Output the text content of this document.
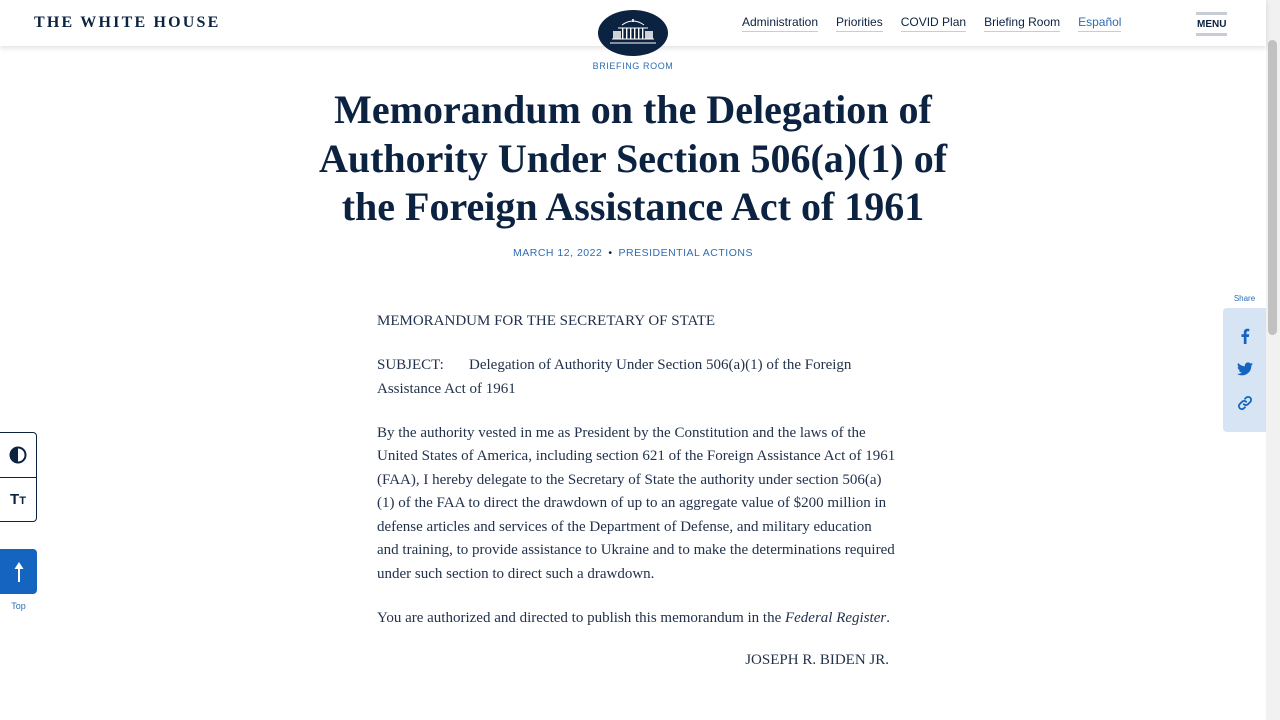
THE WHITE HOUSE	Administration Priorities COVID Plan Briefing Room Español	MENU
BRIEFING ROOM
Memorandum on the Delegation of Authority Under Section 506(a)(1) of the Foreign Assistance Act of 1961
MARCH 12, 2022 • PRESIDENTIAL ACTIONS

MEMORANDUM FOR THE SECRETARY OF STATE

SUBJECT: Delegation of Authority Under Section 506(a)(1) of the Foreign Assistance Act of 1961

By the authority vested in me as President by the Constitution and the laws of the United States of America, including section 621 of the Foreign Assistance Act of 1961 (FAA), I hereby delegate to the Secretary of State the authority under section 506(a)(1) of the FAA to direct the drawdown of up to an aggregate value of $200 million in defense articles and services of the Department of Defense, and military education and training, to provide assistance to Ukraine and to make the determinations required under such section to direct such a drawdown.

You are authorized and directed to publish this memorandum in the Federal Register.

JOSEPH R. BIDEN JR.

Share
TT
Top
